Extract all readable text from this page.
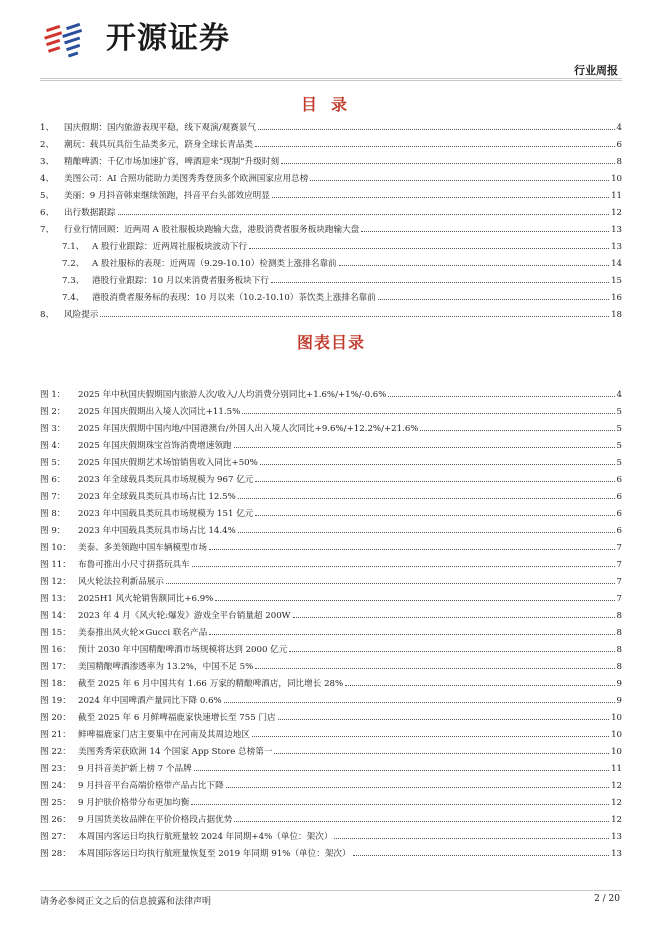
开源证券
行业周报
目录
1、	国庆假期：国内旅游表现平稳，线下观演/观赛景气	4
2、	潮玩：载具玩具衍生品类多元，跻身全球长青品类	6
3、	精酿啤酒：千亿市场加速扩容，啤酒迎来“现制”升级时刻	8
4、	美图公司：AI 合照功能助力美图秀秀登顶多个欧洲国家应用总榜	10
5、	美丽：9 月抖音韩束继续领跑，抖音平台头部效应明显	11
6、	出行数据跟踪	12
7、	行业行情回顾：近两周 A 股社服板块跑输大盘，港股消费者服务板块跑输大盘	13
7.1、 A 股行业跟踪：近两周社服板块波动下行	13
7.2、 A 股社服标的表现：近两周（9.29-10.10）检测类上涨排名靠前	14
7.3、 港股行业跟踪：10 月以来消费者服务板块下行	15
7.4、 港股消费者服务标的表现：10 月以来（10.2-10.10）茶饮类上涨排名靠前	16
8、	风险提示	18
图表目录
图 1：	2025 年中秋国庆假期国内旅游人次/收入/人均消费分别同比+1.6%/+1%/-0.6%	4
图 2：	2025 年国庆假期出入境人次同比+11.5%	5
图 3：	2025 年国庆假期中国内地/中国港澳台/外国人出入境人次同比+9.6%/+12.2%/+21.6%	5
图 4：	2025 年国庆假期珠宝首饰消费增速领跑	5
图 5：	2025 年国庆假期艺术场馆销售收入同比+50%	5
图 6：	2023 年全球载具类玩具市场规模为 967 亿元	6
图 7：	2023 年全球载具类玩具市场占比 12.5%	6
图 8：	2023 年中国载具类玩具市场规模为 151 亿元	6
图 9：	2023 年中国载具类玩具市场占比 14.4%	6
图 10： 美泰、多美领跑中国车辆模型市场	7
图 11： 布鲁可推出小尺寸拼搭玩具车	7
图 12： 风火轮法拉利新品展示	7
图 13： 2025H1 风火轮销售额同比+6.9%	7
图 14： 2023 年 4 月《风火轮:爆发》游戏全平台销量超 200W	8
图 15： 美泰推出风火轮×Gucci 联名产品	8
图 16： 预计 2030 年中国精酿啤酒市场规模将达到 2000 亿元	8
图 17： 美国精酿啤酒渗透率为 13.2%，中国不足 5%	8
图 18： 截至 2025 年 6 月中国共有 1.66 万家的精酿啤酒店，同比增长 28%	9
图 19： 2024 年中国啤酒产量同比下降 0.6%	9
图 20： 截至 2025 年 6 月鲜啤福鹿家快速增长至 755 门店	10
图 21： 鲜啤福鹿家门店主要集中在河南及其周边地区	10
图 22： 美图秀秀荣获欧洲 14 个国家 App Store 总榜第一	10
图 23： 9 月抖音美护新上榜 7 个品牌	11
图 24： 9 月抖音平台高端价格带产品占比下降	12
图 25： 9 月护肤价格带分布更加均衡	12
图 26： 9 月国货美妆品牌在平价价格段占据优势	12
图 27： 本周国内客运日均执行航班量较 2024 年同期+4%（单位：架次）	13
图 28： 本周国际客运日均执行航班量恢复至 2019 年同期 91%（单位：架次）	13
请务必参阅正文之后的信息披露和法律声明	2 / 20
